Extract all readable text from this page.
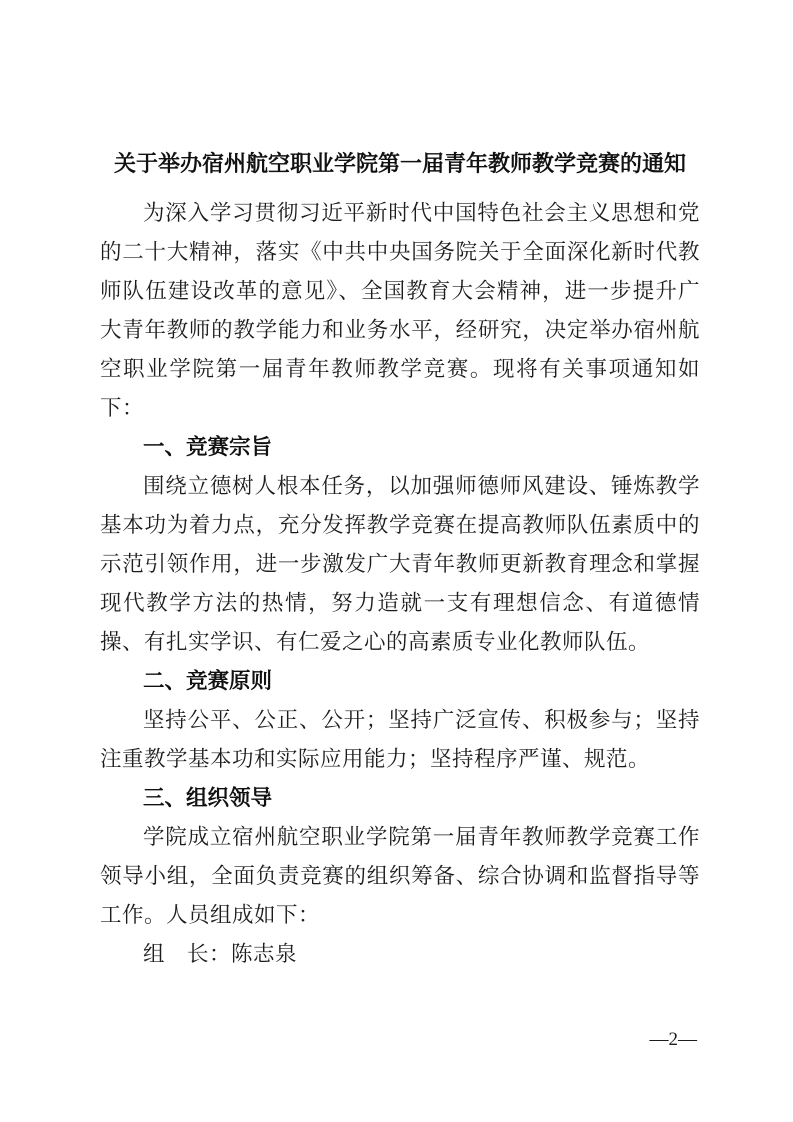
关于举办宿州航空职业学院第一届青年教师教学竞赛的通知

为深入学习贯彻习近平新时代中国特色社会主义思想和党的二十大精神，落实《中共中央国务院关于全面深化新时代教师队伍建设改革的意见》、全国教育大会精神，进一步提升广大青年教师的教学能力和业务水平，经研究，决定举办宿州航空职业学院第一届青年教师教学竞赛。现将有关事项通知如下：

一、竞赛宗旨

围绕立德树人根本任务，以加强师德师风建设、锤炼教学基本功为着力点，充分发挥教学竞赛在提高教师队伍素质中的示范引领作用，进一步激发广大青年教师更新教育理念和掌握现代教学方法的热情，努力造就一支有理想信念、有道德情操、有扎实学识、有仁爱之心的高素质专业化教师队伍。

二、竞赛原则

坚持公平、公正、公开；坚持广泛宣传、积极参与；坚持注重教学基本功和实际应用能力；坚持程序严谨、规范。

三、组织领导

学院成立宿州航空职业学院第一届青年教师教学竞赛工作领导小组，全面负责竞赛的组织筹备、综合协调和监督指导等工作。人员组成如下：

组　长：陈志泉

—2—
